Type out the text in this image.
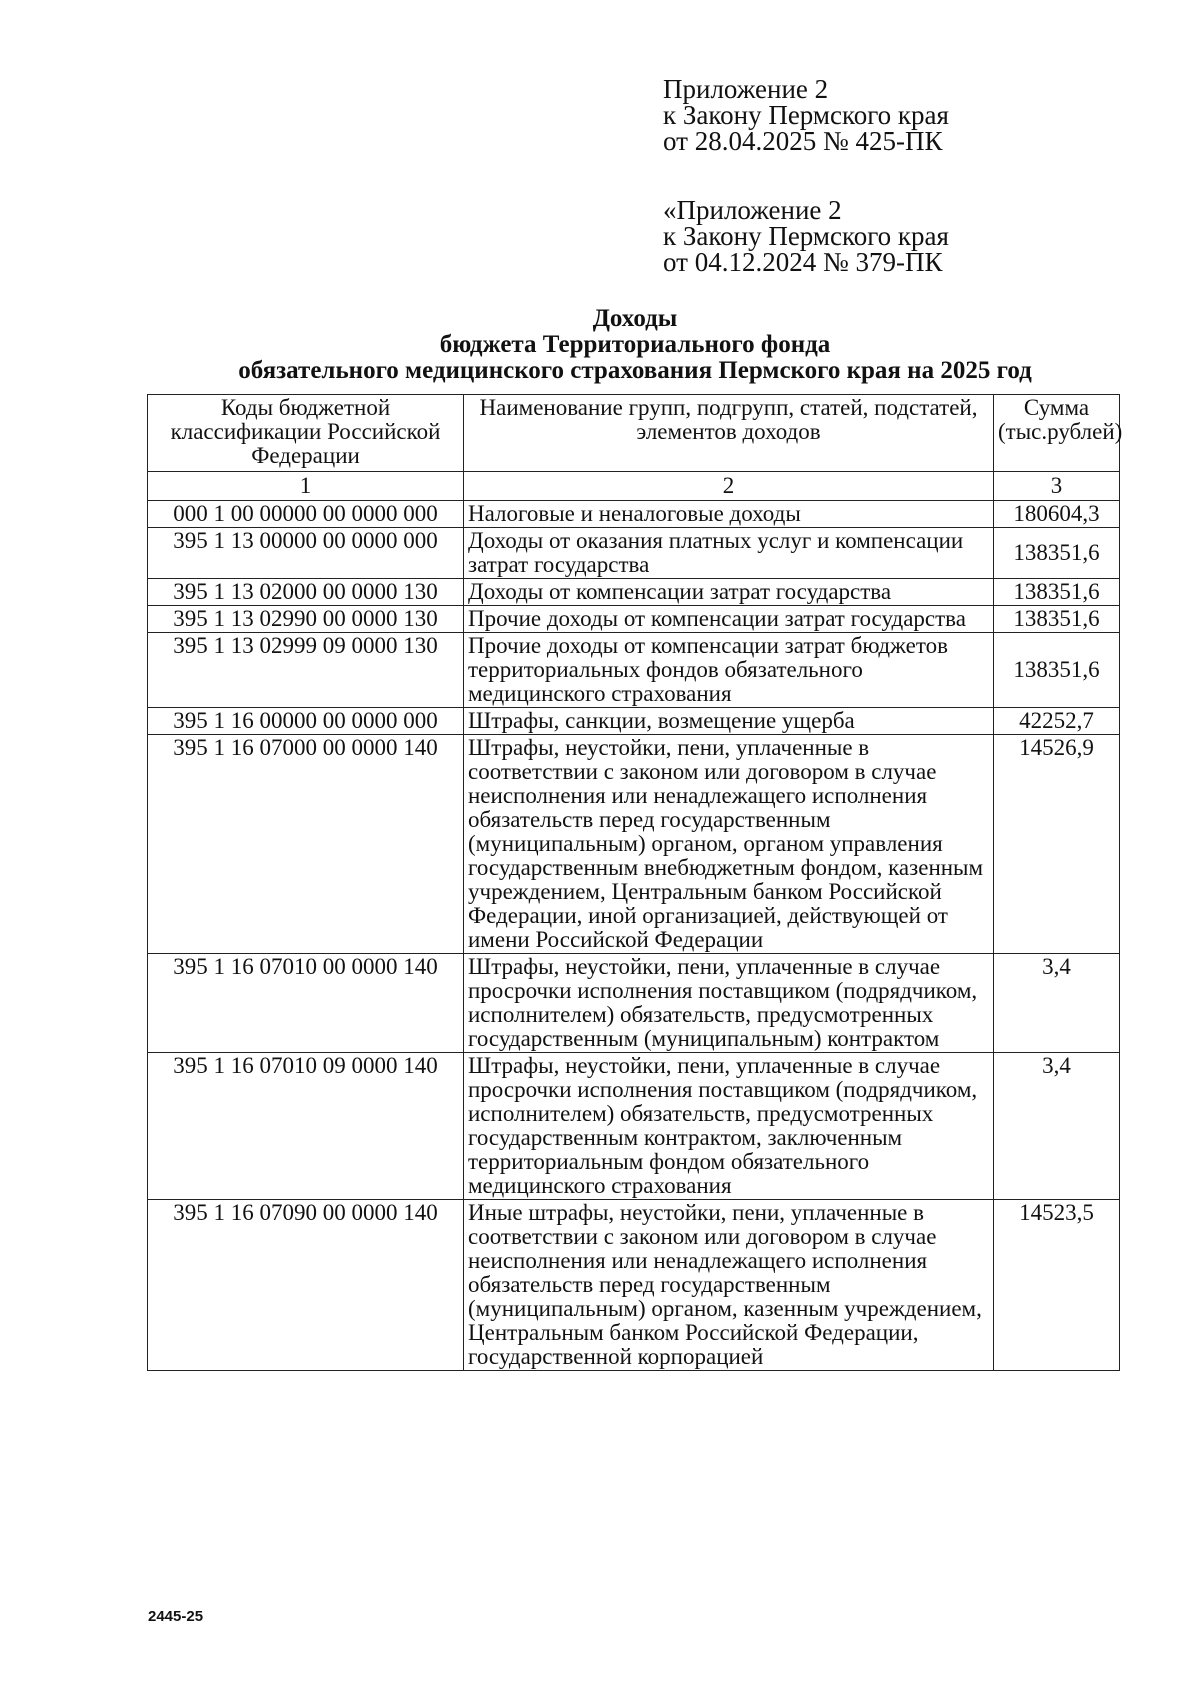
Приложение 2
к Закону Пермского края
от 28.04.2025 № 425-ПК
«Приложение 2
к Закону Пермского края
от 04.12.2024 № 379-ПК
Доходы
бюджета Территориального фонда
обязательного медицинского страхования Пермского края на 2025 год
Коды бюджетной классификации Российской Федерации	Наименование групп, подгрупп, статей, подстатей, элементов доходов	Сумма (тыс.рублей)
1	2	3
000 1 00 00000 00 0000 000	Налоговые и неналоговые доходы	180604,3
395 1 13 00000 00 0000 000	Доходы от оказания платных услуг и компенсации затрат государства	138351,6
395 1 13 02000 00 0000 130	Доходы от компенсации затрат государства	138351,6
395 1 13 02990 00 0000 130	Прочие доходы от компенсации затрат государства	138351,6
395 1 13 02999 09 0000 130	Прочие доходы от компенсации затрат бюджетов территориальных фондов обязательного медицинского страхования	138351,6
395 1 16 00000 00 0000 000	Штрафы, санкции, возмещение ущерба	42252,7
395 1 16 07000 00 0000 140	Штрафы, неустойки, пени, уплаченные в соответствии с законом или договором в случае неисполнения или ненадлежащего исполнения обязательств перед государственным (муниципальным) органом, органом управления государственным внебюджетным фондом, казенным учреждением, Центральным банком Российской Федерации, иной организацией, действующей от имени Российской Федерации	14526,9
395 1 16 07010 00 0000 140	Штрафы, неустойки, пени, уплаченные в случае просрочки исполнения поставщиком (подрядчиком, исполнителем) обязательств, предусмотренных государственным (муниципальным) контрактом	3,4
395 1 16 07010 09 0000 140	Штрафы, неустойки, пени, уплаченные в случае просрочки исполнения поставщиком (подрядчиком, исполнителем) обязательств, предусмотренных государственным контрактом, заключенным территориальным фондом обязательного медицинского страхования	3,4
395 1 16 07090 00 0000 140	Иные штрафы, неустойки, пени, уплаченные в соответствии с законом или договором в случае неисполнения или ненадлежащего исполнения обязательств перед государственным (муниципальным) органом, казенным учреждением, Центральным банком Российской Федерации, государственной корпорацией	14523,5
2445-25
